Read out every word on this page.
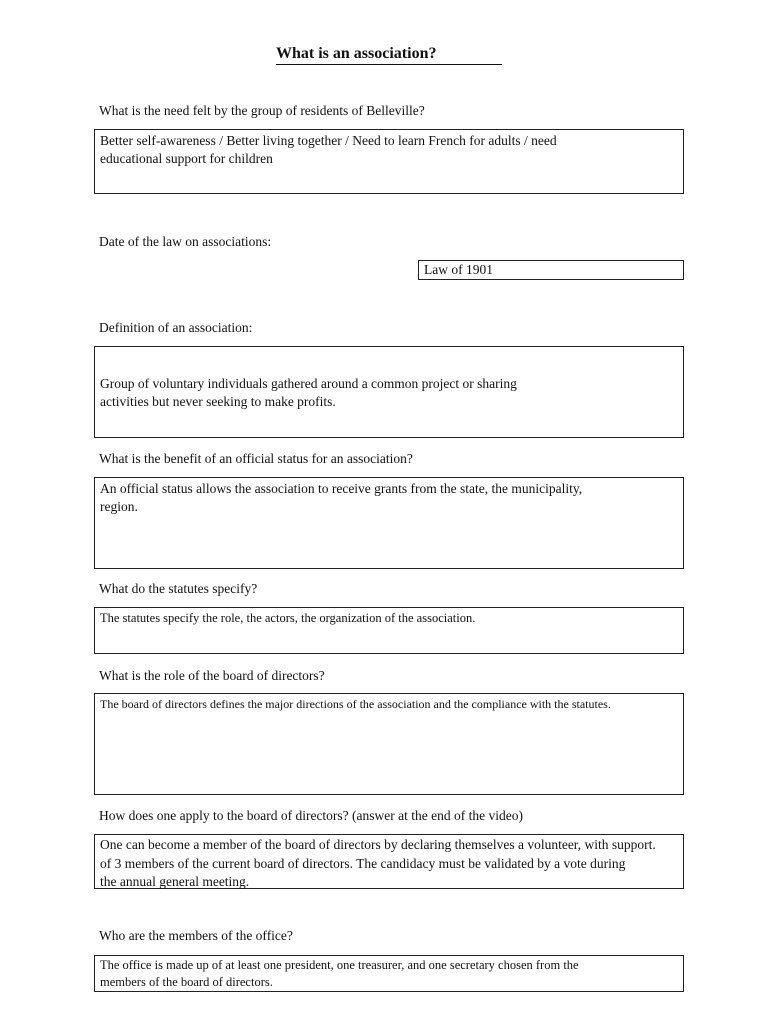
What is an association?
What is the need felt by the group of residents of Belleville?
Better self-awareness / Better living together / Need to learn French for adults / need
educational support for children
Date of the law on associations:
Law of 1901
Definition of an association:
Group of voluntary individuals gathered around a common project or sharing
activities but never seeking to make profits.
What is the benefit of an official status for an association?
An official status allows the association to receive grants from the state, the municipality,
region.
What do the statutes specify?
The statutes specify the role, the actors, the organization of the association.
What is the role of the board of directors?
The board of directors defines the major directions of the association and the compliance with the statutes.
How does one apply to the board of directors? (answer at the end of the video)
One can become a member of the board of directors by declaring themselves a volunteer, with support.
of 3 members of the current board of directors. The candidacy must be validated by a vote during
the annual general meeting.
Who are the members of the office?
The office is made up of at least one president, one treasurer, and one secretary chosen from the
members of the board of directors.
